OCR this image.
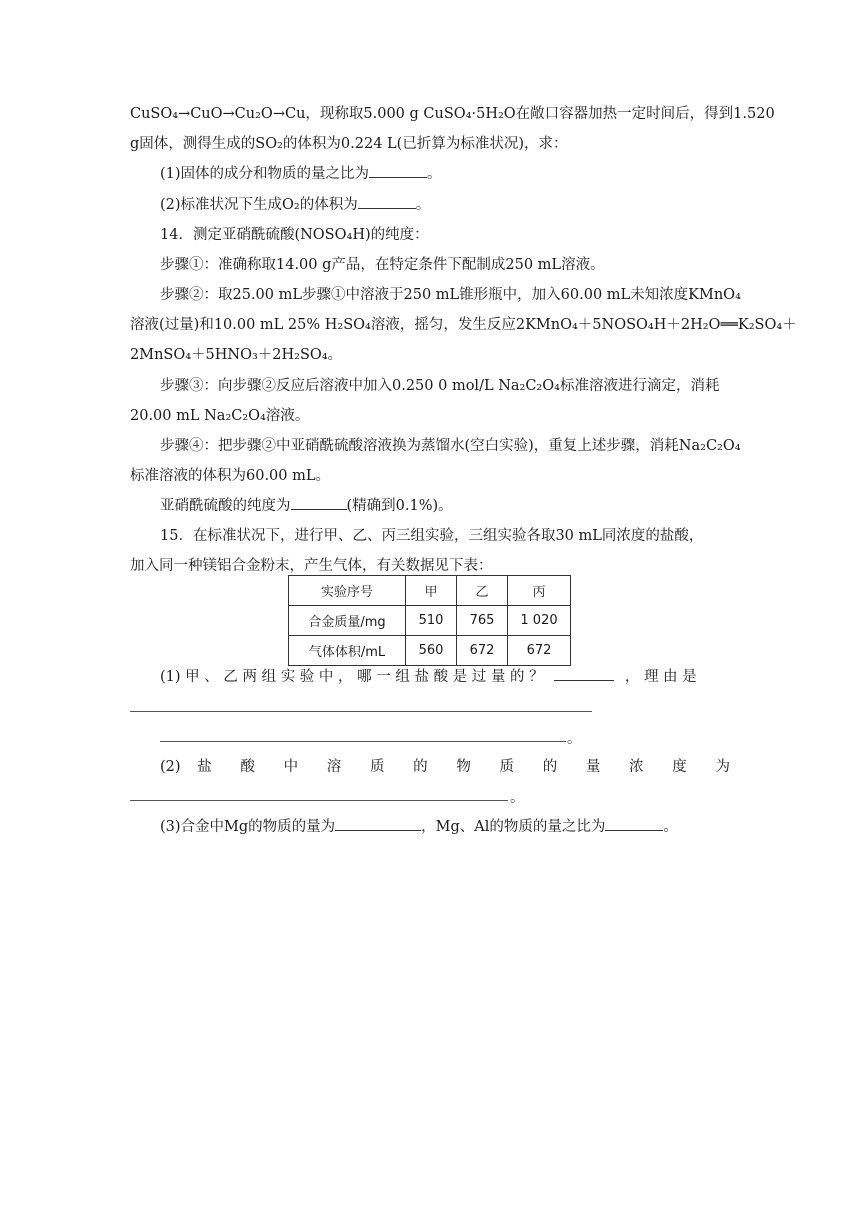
CuSO₄→CuO→Cu₂O→Cu，现称取5.000 g CuSO₄·5H₂O在敞口容器加热一定时间后，得到1.520
g固体，测得生成的SO₂的体积为0.224 L(已折算为标准状况)，求：
(1)固体的成分和物质的量之比为	。
(2)标准状况下生成O₂的体积为	。
14．测定亚硝酰硫酸(NOSO₄H)的纯度：
步骤①：准确称取14.00 g产品，在特定条件下配制成250 mL溶液。
步骤②：取25.00 mL步骤①中溶液于250 mL锥形瓶中，加入60.00 mL未知浓度KMnO₄
溶液(过量)和10.00 mL 25% H₂SO₄溶液，摇匀，发生反应2KMnO₄＋5NOSO₄H＋2H₂O══K₂SO₄＋
2MnSO₄＋5HNO₃＋2H₂SO₄。
步骤③：向步骤②反应后溶液中加入0.250 0 mol/L Na₂C₂O₄标准溶液进行滴定，消耗
20.00 mL Na₂C₂O₄溶液。
步骤④：把步骤②中亚硝酰硫酸溶液换为蒸馏水(空白实验)，重复上述步骤，消耗Na₂C₂O₄
标准溶液的体积为60.00 mL。
亚硝酰硫酸的纯度为	(精确到0.1%)。
15．在标准状况下，进行甲、乙、丙三组实验，三组实验各取30 mL同浓度的盐酸，
加入同一种镁铝合金粉末，产生气体，有关数据见下表：
实验序号	甲	乙	丙
合金质量/mg	510	765	1 020
气体体积/mL	560	672	672
(1) 甲 、 乙 两 组 实 验 中 ， 哪 一 组 盐 酸 是 过 量 的 ？	， 理 由 是
。
(2) 盐 酸 中 溶 质 的 物 质 的 量 浓 度 为
。
(3)合金中Mg的物质的量为	，Mg、Al的物质的量之比为	。
